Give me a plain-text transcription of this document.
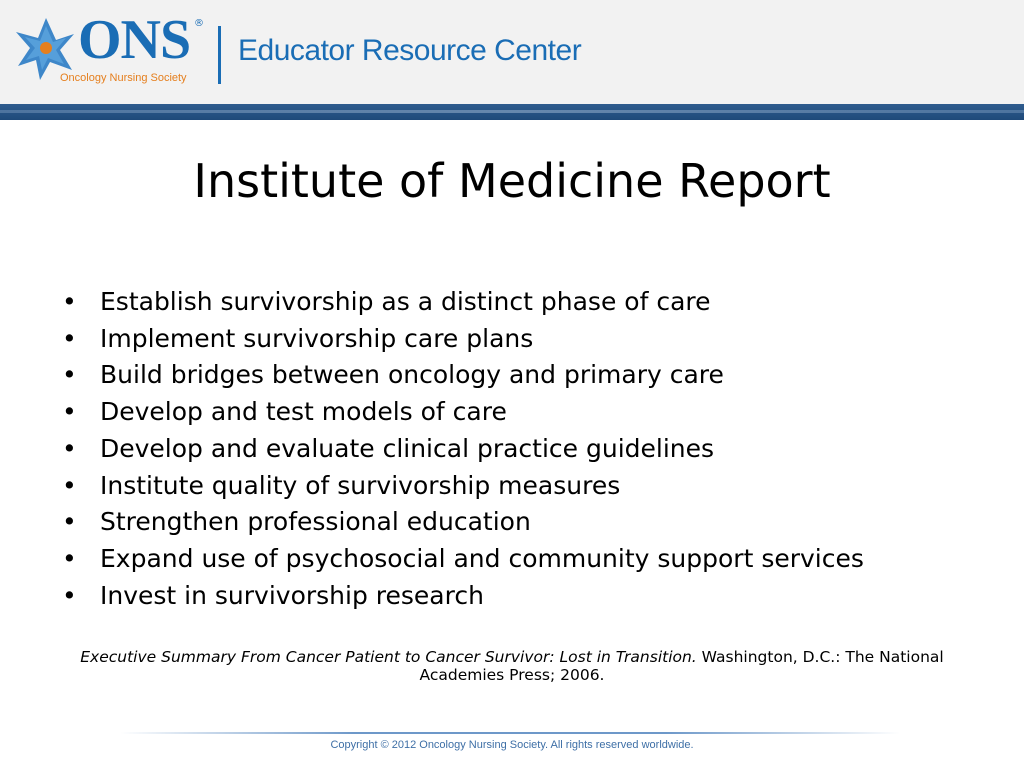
ONS ®
Oncology Nursing Society
Educator Resource Center
Institute of Medicine Report
• Establish survivorship as a distinct phase of care
• Implement survivorship care plans
• Build bridges between oncology and primary care
• Develop and test models of care
• Develop and evaluate clinical practice guidelines
• Institute quality of survivorship measures
• Strengthen professional education
• Expand use of psychosocial and community support services
• Invest in survivorship research
Executive Summary From Cancer Patient to Cancer Survivor: Lost in Transition. Washington, D.C.: The National Academies Press; 2006.
Copyright © 2012 Oncology Nursing Society. All rights reserved worldwide.
